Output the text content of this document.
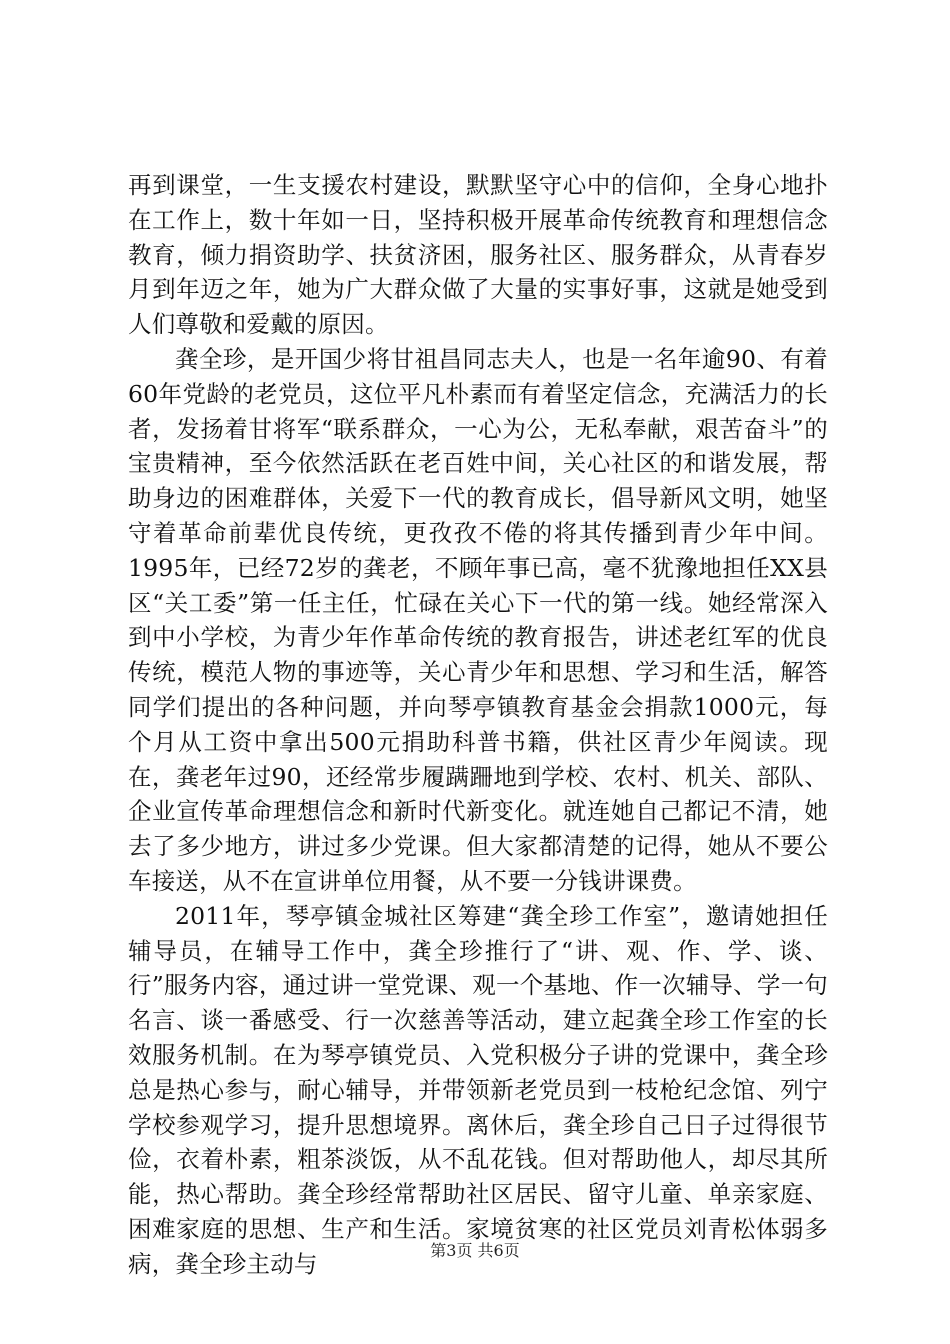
再到课堂，一生支援农村建设，默默坚守心中的信仰，全身心地扑在工作上，数十年如一日，坚持积极开展革命传统教育和理想信念教育，倾力捐资助学、扶贫济困，服务社区、服务群众，从青春岁月到年迈之年，她为广大群众做了大量的实事好事，这就是她受到人们尊敬和爱戴的原因。

龚全珍，是开国少将甘祖昌同志夫人，也是一名年逾90、有着60年党龄的老党员，这位平凡朴素而有着坚定信念，充满活力的长者，发扬着甘将军“联系群众，一心为公，无私奉献，艰苦奋斗”的宝贵精神，至今依然活跃在老百姓中间，关心社区的和谐发展，帮助身边的困难群体，关爱下一代的教育成长，倡导新风文明，她坚守着革命前辈优良传统，更孜孜不倦的将其传播到青少年中间。1995年，已经72岁的龚老，不顾年事已高，毫不犹豫地担任XX县区“关工委”第一任主任，忙碌在关心下一代的第一线。她经常深入到中小学校，为青少年作革命传统的教育报告，讲述老红军的优良传统，模范人物的事迹等，关心青少年和思想、学习和生活，解答同学们提出的各种问题，并向琴亭镇教育基金会捐款1000元，每个月从工资中拿出500元捐助科普书籍，供社区青少年阅读。现在，龚老年过90，还经常步履蹒跚地到学校、农村、机关、部队、企业宣传革命理想信念和新时代新变化。就连她自己都记不清，她去了多少地方，讲过多少党课。但大家都清楚的记得，她从不要公车接送，从不在宣讲单位用餐，从不要一分钱讲课费。

2011年，琴亭镇金城社区筹建“龚全珍工作室”，邀请她担任辅导员，在辅导工作中，龚全珍推行了“讲、观、作、学、谈、行”服务内容，通过讲一堂党课、观一个基地、作一次辅导、学一句名言、谈一番感受、行一次慈善等活动，建立起龚全珍工作室的长效服务机制。在为琴亭镇党员、入党积极分子讲的党课中，龚全珍总是热心参与，耐心辅导，并带领新老党员到一枝枪纪念馆、列宁学校参观学习，提升思想境界。离休后，龚全珍自己日子过得很节俭，衣着朴素，粗茶淡饭，从不乱花钱。但对帮助他人，却尽其所能，热心帮助。龚全珍经常帮助社区居民、留守儿童、单亲家庭、困难家庭的思想、生产和生活。家境贫寒的社区党员刘青松体弱多病，龚全珍主动与	第3页 共6页
